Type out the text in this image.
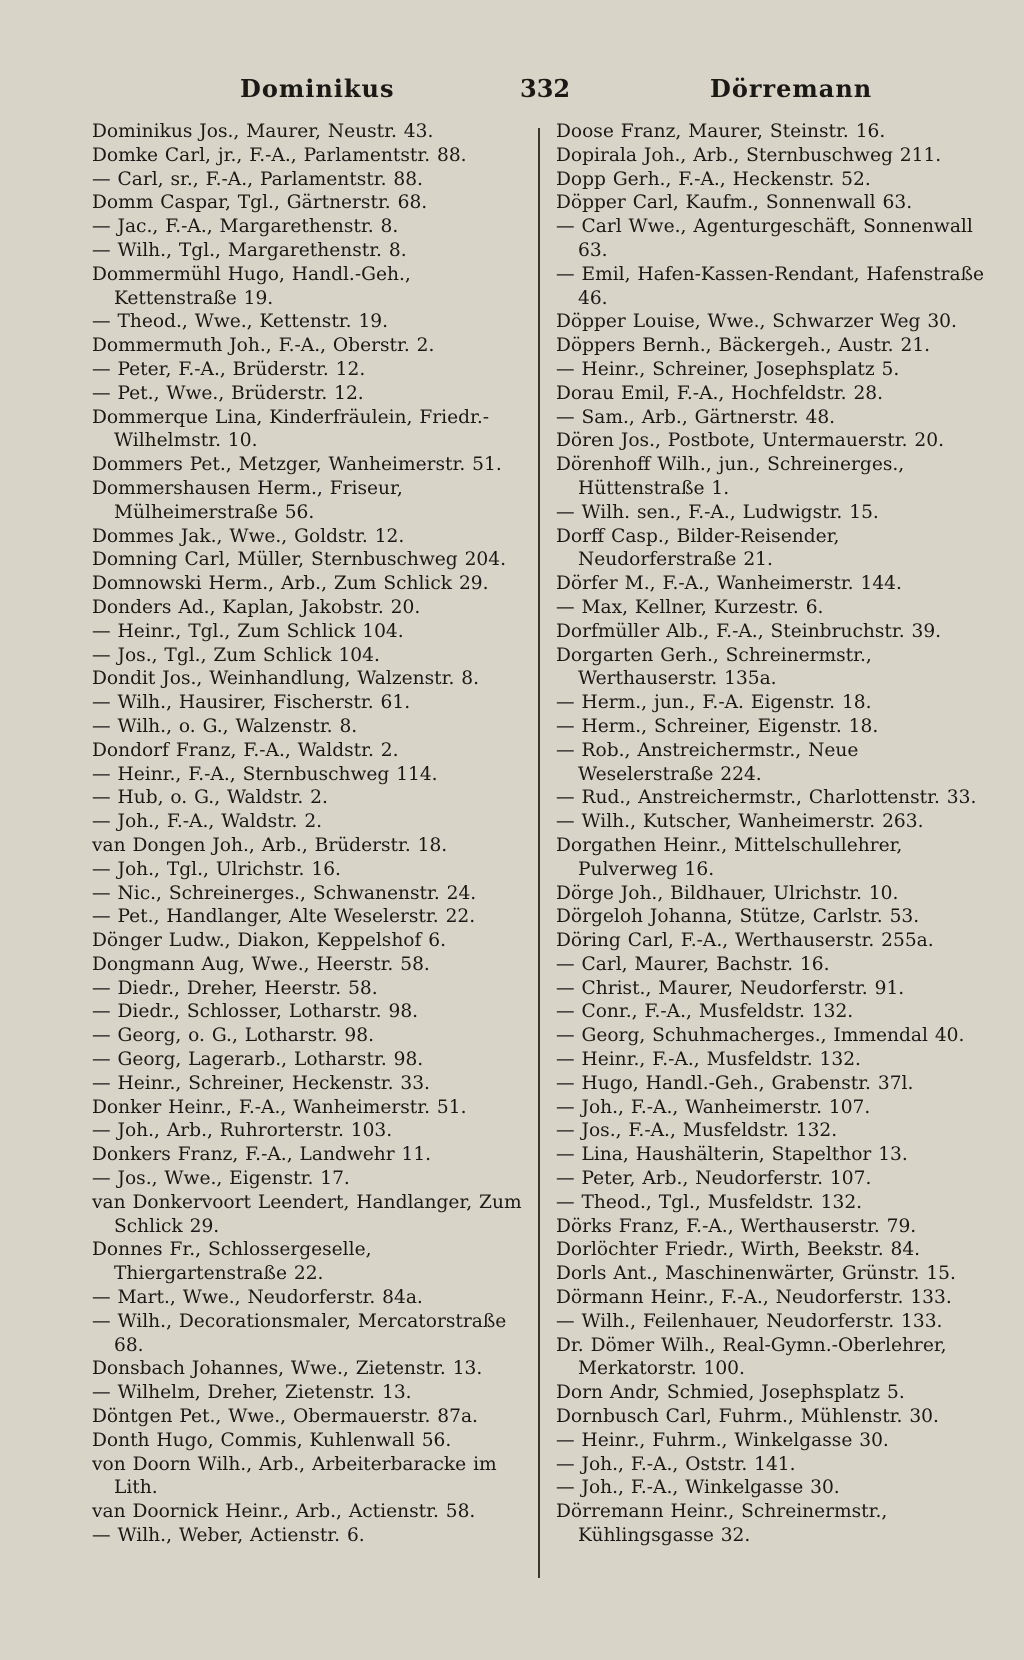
Dominikus	332	Dörremann
Dominikus Jos., Maurer, Neustr. 43.
Domke Carl, jr., F.-A., Parlamentstr. 88.
— Carl, sr., F.-A., Parlamentstr. 88.
Domm Caspar, Tgl., Gärtnerstr. 68.
— Jac., F.-A., Margarethenstr. 8.
— Wilh., Tgl., Margarethenstr. 8.
Dommermühl Hugo, Handl.-Geh., Kettenstraße 19.
— Theod., Wwe., Kettenstr. 19.
Dommermuth Joh., F.-A., Oberstr. 2.
— Peter, F.-A., Brüderstr. 12.
— Pet., Wwe., Brüderstr. 12.
Dommerque Lina, Kinderfräulein, Friedr.-Wilhelmstr. 10.
Dommers Pet., Metzger, Wanheimerstr. 51.
Dommershausen Herm., Friseur, Mülheimerstraße 56.
Dommes Jak., Wwe., Goldstr. 12.
Domning Carl, Müller, Sternbuschweg 204.
Domnowski Herm., Arb., Zum Schlick 29.
Donders Ad., Kaplan, Jakobstr. 20.
— Heinr., Tgl., Zum Schlick 104.
— Jos., Tgl., Zum Schlick 104.
Dondit Jos., Weinhandlung, Walzenstr. 8.
— Wilh., Hausirer, Fischerstr. 61.
— Wilh., o. G., Walzenstr. 8.
Dondorf Franz, F.-A., Waldstr. 2.
— Heinr., F.-A., Sternbuschweg 114.
— Hub, o. G., Waldstr. 2.
— Joh., F.-A., Waldstr. 2.
van Dongen Joh., Arb., Brüderstr. 18.
— Joh., Tgl., Ulrichstr. 16.
— Nic., Schreinerges., Schwanenstr. 24.
— Pet., Handlanger, Alte Weselerstr. 22.
Dönger Ludw., Diakon, Keppelshof 6.
Dongmann Aug, Wwe., Heerstr. 58.
— Diedr., Dreher, Heerstr. 58.
— Diedr., Schlosser, Lotharstr. 98.
— Georg, o. G., Lotharstr. 98.
— Georg, Lagerarb., Lotharstr. 98.
— Heinr., Schreiner, Heckenstr. 33.
Donker Heinr., F.-A., Wanheimerstr. 51.
— Joh., Arb., Ruhrorterstr. 103.
Donkers Franz, F.-A., Landwehr 11.
— Jos., Wwe., Eigenstr. 17.
van Donkervoort Leendert, Handlanger, Zum Schlick 29.
Donnes Fr., Schlossergeselle, Thiergartenstraße 22.
— Mart., Wwe., Neudorferstr. 84a.
— Wilh., Decorationsmaler, Mercatorstraße 68.
Donsbach Johannes, Wwe., Zietenstr. 13.
— Wilhelm, Dreher, Zietenstr. 13.
Döntgen Pet., Wwe., Obermauerstr. 87a.
Donth Hugo, Commis, Kuhlenwall 56.
von Doorn Wilh., Arb., Arbeiterbaracke im Lith.
van Doornick Heinr., Arb., Actienstr. 58.
— Wilh., Weber, Actienstr. 6.
Doose Franz, Maurer, Steinstr. 16.
Dopirala Joh., Arb., Sternbuschweg 211.
Dopp Gerh., F.-A., Heckenstr. 52.
Döpper Carl, Kaufm., Sonnenwall 63.
— Carl Wwe., Agenturgeschäft, Sonnenwall 63.
— Emil, Hafen-Kassen-Rendant, Hafenstraße 46.
Döpper Louise, Wwe., Schwarzer Weg 30.
Döppers Bernh., Bäckergeh., Austr. 21.
— Heinr., Schreiner, Josephsplatz 5.
Dorau Emil, F.-A., Hochfeldstr. 28.
— Sam., Arb., Gärtnerstr. 48.
Dören Jos., Postbote, Untermauerstr. 20.
Dörenhoff Wilh., jun., Schreinerges., Hüttenstraße 1.
— Wilh. sen., F.-A., Ludwigstr. 15.
Dorff Casp., Bilder-Reisender, Neudorferstraße 21.
Dörfer M., F.-A., Wanheimerstr. 144.
— Max, Kellner, Kurzestr. 6.
Dorfmüller Alb., F.-A., Steinbruchstr. 39.
Dorgarten Gerh., Schreinermstr., Werthauserstr. 135a.
— Herm., jun., F.-A. Eigenstr. 18.
— Herm., Schreiner, Eigenstr. 18.
— Rob., Anstreichermstr., Neue Weselerstraße 224.
— Rud., Anstreichermstr., Charlottenstr. 33.
— Wilh., Kutscher, Wanheimerstr. 263.
Dorgathen Heinr., Mittelschullehrer, Pulverweg 16.
Dörge Joh., Bildhauer, Ulrichstr. 10.
Dörgeloh Johanna, Stütze, Carlstr. 53.
Döring Carl, F.-A., Werthauserstr. 255a.
— Carl, Maurer, Bachstr. 16.
— Christ., Maurer, Neudorferstr. 91.
— Conr., F.-A., Musfeldstr. 132.
— Georg, Schuhmacherges., Immendal 40.
— Heinr., F.-A., Musfeldstr. 132.
— Hugo, Handl.-Geh., Grabenstr. 37l.
— Joh., F.-A., Wanheimerstr. 107.
— Jos., F.-A., Musfeldstr. 132.
— Lina, Haushälterin, Stapelthor 13.
— Peter, Arb., Neudorferstr. 107.
— Theod., Tgl., Musfeldstr. 132.
Dörks Franz, F.-A., Werthauserstr. 79.
Dorlöchter Friedr., Wirth, Beekstr. 84.
Dorls Ant., Maschinenwärter, Grünstr. 15.
Dörmann Heinr., F.-A., Neudorferstr. 133.
— Wilh., Feilenhauer, Neudorferstr. 133.
Dr. Dömer Wilh., Real-Gymn.-Oberlehrer, Merkatorstr. 100.
Dorn Andr, Schmied, Josephsplatz 5.
Dornbusch Carl, Fuhrm., Mühlenstr. 30.
— Heinr., Fuhrm., Winkelgasse 30.
— Joh., F.-A., Oststr. 141.
— Joh., F.-A., Winkelgasse 30.
Dörremann Heinr., Schreinermstr., Kühlingsgasse 32.
